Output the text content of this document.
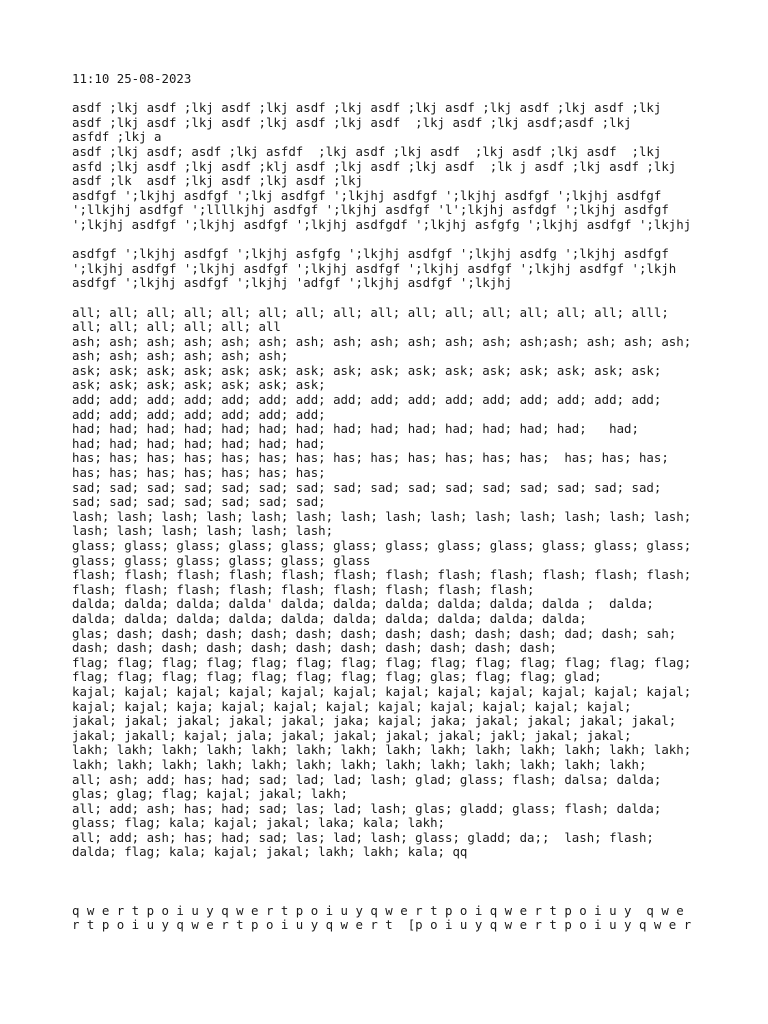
11:10 25-08-2023
asdf ;lkj asdf ;lkj asdf ;lkj asdf ;lkj asdf ;lkj asdf ;lkj asdf ;lkj asdf ;lkj
asdf ;lkj asdf ;lkj asdf ;lkj asdf ;lkj asdf  ;lkj asdf ;lkj asdf;asdf ;lkj
asfdf ;lkj a
asdf ;lkj asdf; asdf ;lkj asfdf  ;lkj asdf ;lkj asdf  ;lkj asdf ;lkj asdf  ;lkj
asfd ;lkj asdf ;lkj asdf ;klj asdf ;lkj asdf ;lkj asdf  ;lk j asdf ;lkj asdf ;lkj
asdf ;lk  asdf ;lkj asdf ;lkj asdf ;lkj
asdfgf ';lkjhj asdfgf ';lkj asdfgf ';lkjhj asdfgf ';lkjhj asdfgf ';lkjhj asdfgf
';llkjhj asdfgf ';llllkjhj asdfgf ';lkjhj asdfgf 'l';lkjhj asfdgf ';lkjhj asdfgf
';lkjhj asdfgf ';lkjhj asdfgf ';lkjhj asdfgdf ';lkjhj asfgfg ';lkjhj asdfgf ';lkjhj
asdfgf ';lkjhj asdfgf ';lkjhj asfgfg ';lkjhj asdfgf ';lkjhj asdfg ';lkjhj asdfgf
';lkjhj asdfgf ';lkjhj asdfgf ';lkjhj asdfgf ';lkjhj asdfgf ';lkjhj asdfgf ';lkjh
asdfgf ';lkjhj asdfgf ';lkjhj 'adfgf ';lkjhj asdfgf ';lkjhj
all; all; all; all; all; all; all; all; all; all; all; all; all; all; all; alll;
all; all; all; all; all; all
ash; ash; ash; ash; ash; ash; ash; ash; ash; ash; ash; ash; ash;ash; ash; ash; ash;
ash; ash; ash; ash; ash; ash;
ask; ask; ask; ask; ask; ask; ask; ask; ask; ask; ask; ask; ask; ask; ask; ask;
ask; ask; ask; ask; ask; ask; ask;
add; add; add; add; add; add; add; add; add; add; add; add; add; add; add; add;
add; add; add; add; add; add; add;
had; had; had; had; had; had; had; had; had; had; had; had; had; had;   had;
had; had; had; had; had; had; had;
has; has; has; has; has; has; has; has; has; has; has; has; has;  has; has; has;
has; has; has; has; has; has; has;
sad; sad; sad; sad; sad; sad; sad; sad; sad; sad; sad; sad; sad; sad; sad; sad;
sad; sad; sad; sad; sad; sad; sad;
lash; lash; lash; lash; lash; lash; lash; lash; lash; lash; lash; lash; lash; lash;
lash; lash; lash; lash; lash; lash;
glass; glass; glass; glass; glass; glass; glass; glass; glass; glass; glass; glass;
glass; glass; glass; glass; glass; glass
flash; flash; flash; flash; flash; flash; flash; flash; flash; flash; flash; flash;
flash; flash; flash; flash; flash; flash; flash; flash; flash;
dalda; dalda; dalda; dalda' dalda; dalda; dalda; dalda; dalda; dalda ;  dalda;
dalda; dalda; dalda; dalda; dalda; dalda; dalda; dalda; dalda; dalda;
glas; dash; dash; dash; dash; dash; dash; dash; dash; dash; dash; dad; dash; sah;
dash; dash; dash; dash; dash; dash; dash; dash; dash; dash; dash;
flag; flag; flag; flag; flag; flag; flag; flag; flag; flag; flag; flag; flag; flag;
flag; flag; flag; flag; flag; flag; flag; flag; glas; flag; flag; glad;
kajal; kajal; kajal; kajal; kajal; kajal; kajal; kajal; kajal; kajal; kajal; kajal;
kajal; kajal; kaja; kajal; kajal; kajal; kajal; kajal; kajal; kajal; kajal;
jakal; jakal; jakal; jakal; jakal; jaka; kajal; jaka; jakal; jakal; jakal; jakal;
jakal; jakall; kajal; jala; jakal; jakal; jakal; jakal; jakl; jakal; jakal;
lakh; lakh; lakh; lakh; lakh; lakh; lakh; lakh; lakh; lakh; lakh; lakh; lakh; lakh;
lakh; lakh; lakh; lakh; lakh; lakh; lakh; lakh; lakh; lakh; lakh; lakh; lakh;
all; ash; add; has; had; sad; lad; lad; lash; glad; glass; flash; dalsa; dalda;
glas; glag; flag; kajal; jakal; lakh;
all; add; ash; has; had; sad; las; lad; lash; glas; gladd; glass; flash; dalda;
glass; flag; kala; kajal; jakal; laka; kala; lakh;
all; add; ash; has; had; sad; las; lad; lash; glass; gladd; da;;  lash; flash;
dalda; flag; kala; kajal; jakal; lakh; lakh; kala; qq
q w e r t p o i u y q w e r t p o i u y q w e r t p o i q w e r t p o i u y  q w e
r t p o i u y q w e r t p o i u y q w e r t  [p o i u y q w e r t p o i u y q w e r
